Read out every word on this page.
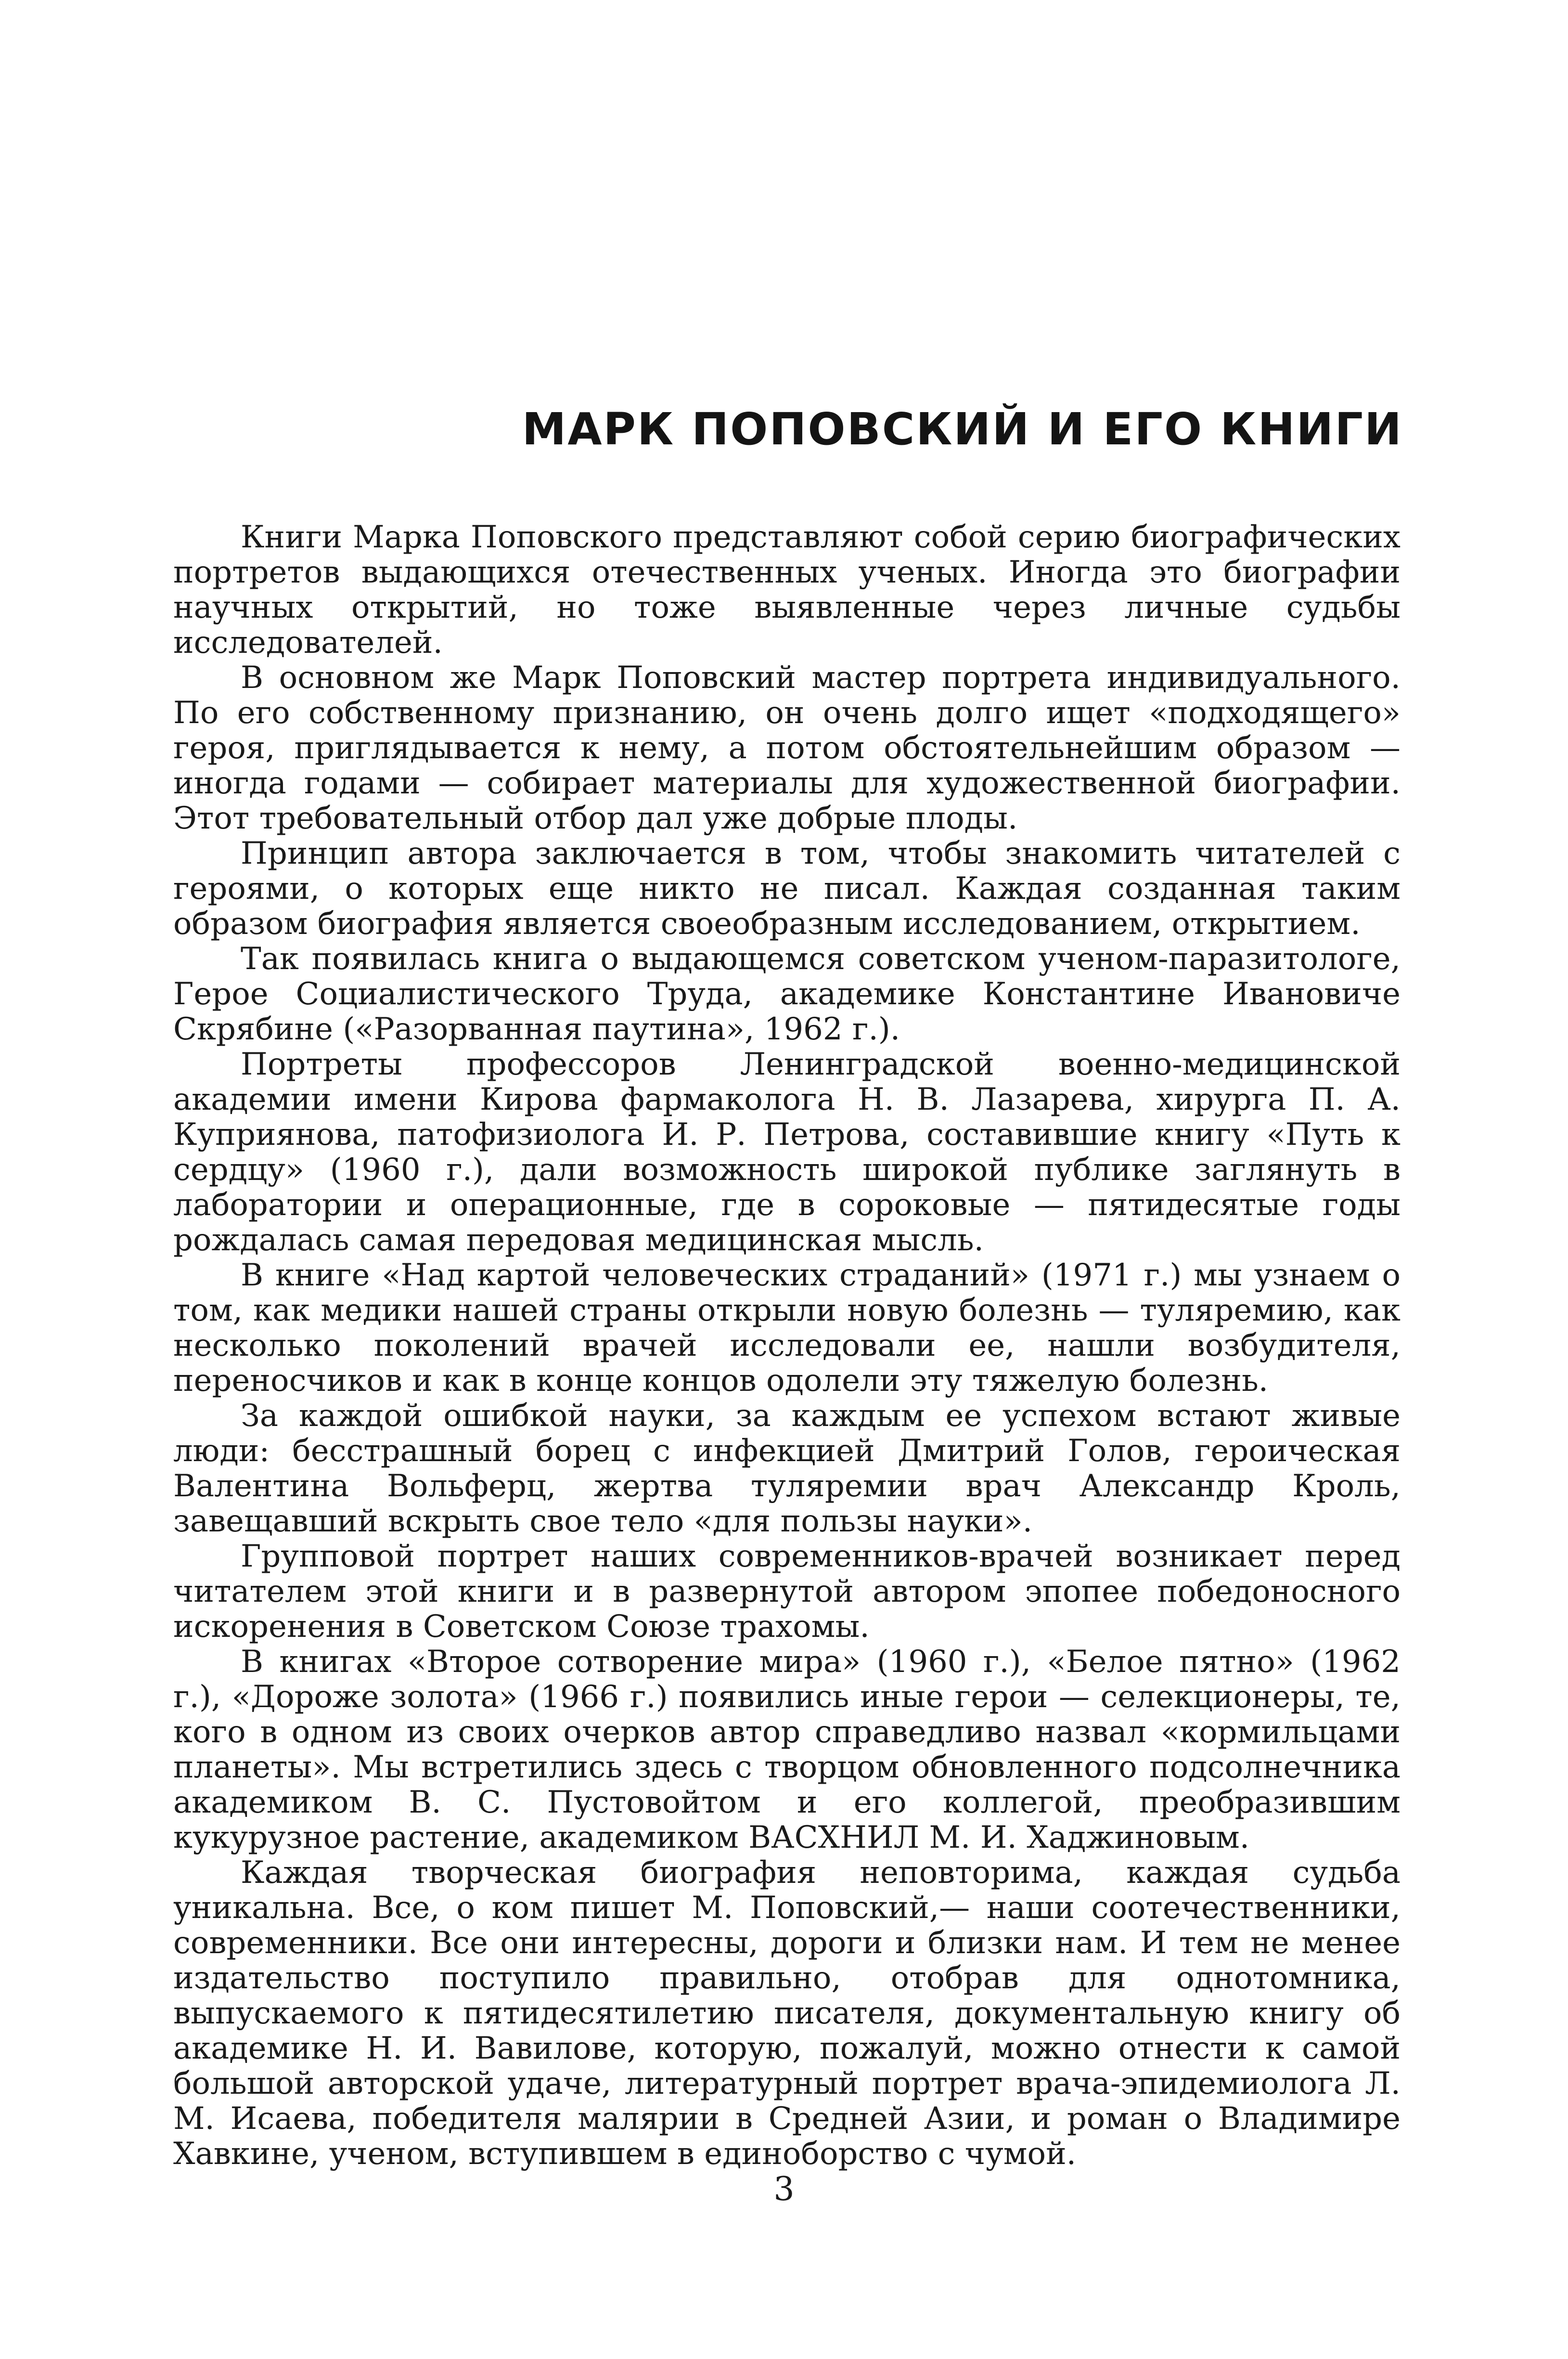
МАРК ПОПОВСКИЙ И ЕГО КНИГИ

Книги Марка Поповского представляют собой серию биографических портретов выдающихся отечественных ученых. Иногда это биографии научных открытий, но тоже выявленные через личные судьбы исследователей.

В основном же Марк Поповский мастер портрета индивидуального. По его собственному признанию, он очень долго ищет «подходящего» героя, приглядывается к нему, а потом обстоятельнейшим образом — иногда годами — собирает материалы для художественной биографии. Этот требовательный отбор дал уже добрые плоды.

Принцип автора заключается в том, чтобы знакомить читателей с героями, о которых еще никто не писал. Каждая созданная таким образом биография является своеобразным исследованием, открытием.

Так появилась книга о выдающемся советском ученом-паразитологе, Герое Социалистического Труда, академике Константине Ивановиче Скрябине («Разорванная паутина», 1962 г.).

Портреты профессоров Ленинградской военно-медицинской академии имени Кирова фармаколога Н. В. Лазарева, хирурга П. А. Куприянова, патофизиолога И. Р. Петрова, составившие книгу «Путь к сердцу» (1960 г.), дали возможность широкой публике заглянуть в лаборатории и операционные, где в сороковые — пятидесятые годы рождалась самая передовая медицинская мысль.

В книге «Над картой человеческих страданий» (1971 г.) мы узнаем о том, как медики нашей страны открыли новую болезнь — туляремию, как несколько поколений врачей исследовали ее, нашли возбудителя, переносчиков и как в конце концов одолели эту тяжелую болезнь.

За каждой ошибкой науки, за каждым ее успехом встают живые люди: бесстрашный борец с инфекцией Дмитрий Голов, героическая Валентина Вольферц, жертва туляремии врач Александр Кроль, завещавший вскрыть свое тело «для пользы науки».

Групповой портрет наших современников-врачей возникает перед читателем этой книги и в развернутой автором эпопее победоносного искоренения в Советском Союзе трахомы.

В книгах «Второе сотворение мира» (1960 г.), «Белое пятно» (1962 г.), «Дороже золота» (1966 г.) появились иные герои — селекционеры, те, кого в одном из своих очерков автор справедливо назвал «кормильцами планеты». Мы встретились здесь с творцом обновленного подсолнечника академиком В. С. Пустовойтом и его коллегой, преобразившим кукурузное растение, академиком ВАСХНИЛ М. И. Хаджиновым.

Каждая творческая биография неповторима, каждая судьба уникальна. Все, о ком пишет М. Поповский,— наши соотечественники, современники. Все они интересны, дороги и близки нам. И тем не менее издательство поступило правильно, отобрав для однотомника, выпускаемого к пятидесятилетию писателя, документальную книгу об академике Н. И. Вавилове, которую, пожалуй, можно отнести к самой большой авторской удаче, литературный портрет врача-эпидемиолога Л. М. Исаева, победителя малярии в Средней Азии, и роман о Владимире Хавкине, ученом, вступившем в единоборство с чумой.

3
